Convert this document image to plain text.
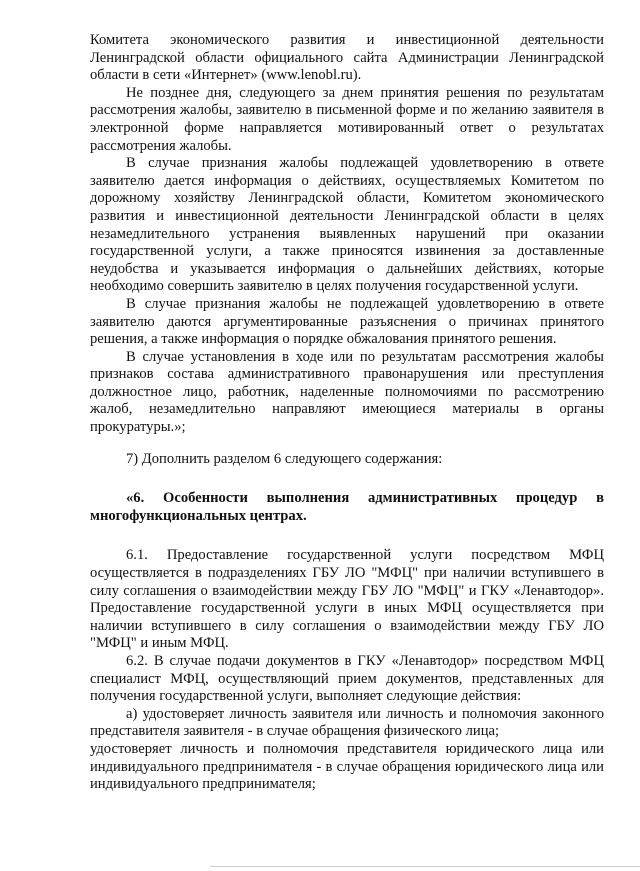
Комитета экономического развития и инвестиционной деятельности Ленинградской области официального сайта Администрации Ленинградской области в сети «Интернет» (www.lenobl.ru).

Не позднее дня, следующего за днем принятия решения по результатам рассмотрения жалобы, заявителю в письменной форме и по желанию заявителя в электронной форме направляется мотивированный ответ о результатах рассмотрения жалобы.

В случае признания жалобы подлежащей удовлетворению в ответе заявителю дается информация о действиях, осуществляемых Комитетом по дорожному хозяйству Ленинградской области, Комитетом экономического развития и инвестиционной деятельности Ленинградской области в целях незамедлительного устранения выявленных нарушений при оказании государственной услуги, а также приносятся извинения за доставленные неудобства и указывается информация о дальнейших действиях, которые необходимо совершить заявителю в целях получения государственной услуги.

В случае признания жалобы не подлежащей удовлетворению в ответе заявителю даются аргументированные разъяснения о причинах принятого решения, а также информация о порядке обжалования принятого решения.

В случае установления в ходе или по результатам рассмотрения жалобы признаков состава административного правонарушения или преступления должностное лицо, работник, наделенные полномочиями по рассмотрению жалоб, незамедлительно направляют имеющиеся материалы в органы прокуратуры.»;

7) Дополнить разделом 6 следующего содержания:

«6. Особенности выполнения административных процедур в многофункциональных центрах.

6.1. Предоставление государственной услуги посредством МФЦ осуществляется в подразделениях ГБУ ЛО "МФЦ" при наличии вступившего в силу соглашения о взаимодействии между ГБУ ЛО "МФЦ" и ГКУ «Ленавтодор». Предоставление государственной услуги в иных МФЦ осуществляется при наличии вступившего в силу соглашения о взаимодействии между ГБУ ЛО "МФЦ" и иным МФЦ.

6.2. В случае подачи документов в ГКУ «Ленавтодор» посредством МФЦ специалист МФЦ, осуществляющий прием документов, представленных для получения государственной услуги, выполняет следующие действия:

а) удостоверяет личность заявителя или личность и полномочия законного представителя заявителя - в случае обращения физического лица;

удостоверяет личность и полномочия представителя юридического лица или индивидуального предпринимателя - в случае обращения юридического лица или индивидуального предпринимателя;
